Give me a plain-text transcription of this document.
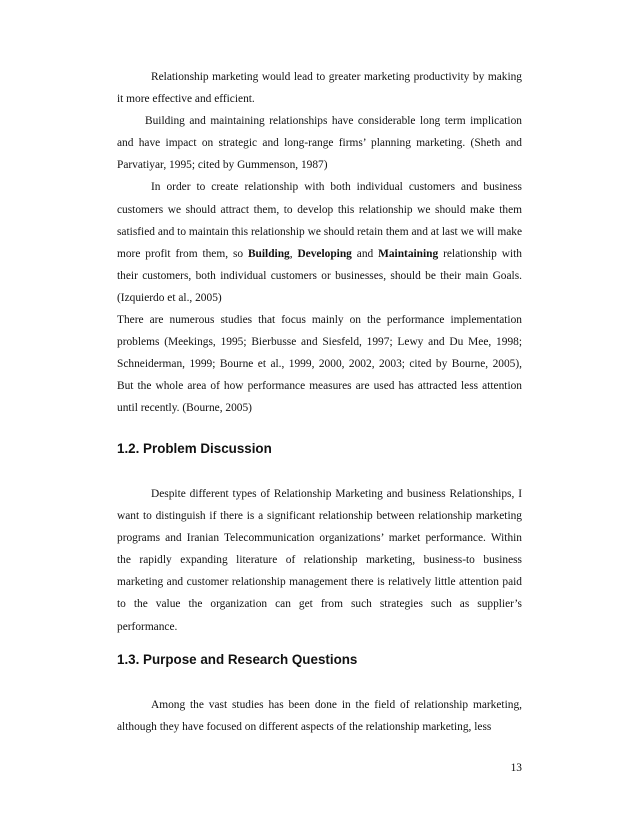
Relationship marketing would lead to greater marketing productivity by making it more effective and efficient.

Building and maintaining relationships have considerable long term implication and have impact on strategic and long-range firms’ planning marketing. (Sheth and Parvatiyar, 1995; cited by Gummenson, 1987)

In order to create relationship with both individual customers and business customers we should attract them, to develop this relationship we should make them satisfied and to maintain this relationship we should retain them and at last we will make more profit from them, so Building, Developing and Maintaining relationship with their customers, both individual customers or businesses, should be their main Goals. (Izquierdo et al., 2005)

There are numerous studies that focus mainly on the performance implementation problems (Meekings, 1995; Bierbusse and Siesfeld, 1997; Lewy and Du Mee, 1998; Schneiderman, 1999; Bourne et al., 1999, 2000, 2002, 2003; cited by Bourne, 2005), But the whole area of how performance measures are used has attracted less attention until recently. (Bourne, 2005)

1.2. Problem Discussion

Despite different types of Relationship Marketing and business Relationships, I want to distinguish if there is a significant relationship between relationship marketing programs and Iranian Telecommunication organizations’ market performance. Within the rapidly expanding literature of relationship marketing, business-to business marketing and customer relationship management there is relatively little attention paid to the value the organization can get from such strategies such as supplier’s performance.

1.3. Purpose and Research Questions

Among the vast studies has been done in the field of relationship marketing, although they have focused on different aspects of the relationship marketing, less

13
